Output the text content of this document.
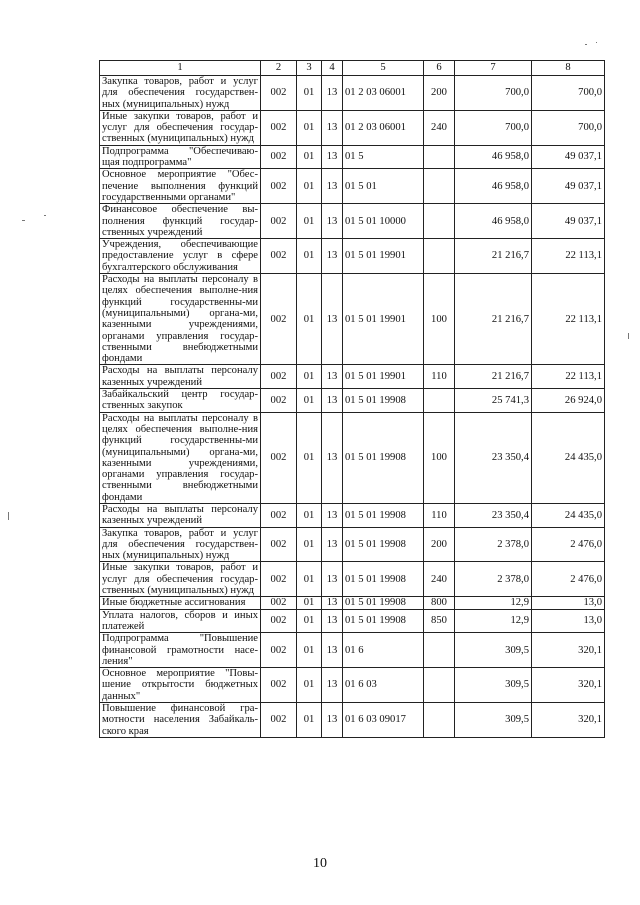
1	2	3	4	5	6	7	8
Закупка товаров, работ и услуг для обеспечения государствен-ных (муниципальных) нужд	002	01	13	01 2 03 06001	200	700,0	700,0
Иные закупки товаров, работ и услуг для обеспечения государ-ственных (муниципальных) нужд	002	01	13	01 2 03 06001	240	700,0	700,0
Подпрограмма "Обеспечиваю-щая подпрограмма"	002	01	13	01 5		46 958,0	49 037,1
Основное мероприятие "Обес-печение выполнения функций государственными органами"	002	01	13	01 5 01		46 958,0	49 037,1
Финансовое обеспечение вы-полнения функций государ-ственных учреждений	002	01	13	01 5 01 10000		46 958,0	49 037,1
Учреждения, обеспечивающие предоставление услуг в сфере бухгалтерского обслуживания	002	01	13	01 5 01 19901		21 216,7	22 113,1
Расходы на выплаты персоналу в целях обеспечения выполне-ния функций государственны-ми (муниципальными) органа-ми, казенными учреждениями, органами управления государ-ственными внебюджетными фондами	002	01	13	01 5 01 19901	100	21 216,7	22 113,1
Расходы на выплаты персоналу казенных учреждений	002	01	13	01 5 01 19901	110	21 216,7	22 113,1
Забайкальский центр государ-ственных закупок	002	01	13	01 5 01 19908		25 741,3	26 924,0
Расходы на выплаты персоналу в целях обеспечения выполне-ния функций государственны-ми (муниципальными) органа-ми, казенными учреждениями, органами управления государ-ственными внебюджетными фондами	002	01	13	01 5 01 19908	100	23 350,4	24 435,0
Расходы на выплаты персоналу казенных учреждений	002	01	13	01 5 01 19908	110	23 350,4	24 435,0
Закупка товаров, работ и услуг для обеспечения государствен-ных (муниципальных) нужд	002	01	13	01 5 01 19908	200	2 378,0	2 476,0
Иные закупки товаров, работ и услуг для обеспечения государ-ственных (муниципальных) нужд	002	01	13	01 5 01 19908	240	2 378,0	2 476,0
Иные бюджетные ассигнования	002	01	13	01 5 01 19908	800	12,9	13,0
Уплата налогов, сборов и иных платежей	002	01	13	01 5 01 19908	850	12,9	13,0
Подпрограмма "Повышение финансовой грамотности насе-ления"	002	01	13	01 6		309,5	320,1
Основное мероприятие "Повы-шение открытости бюджетных данных"	002	01	13	01 6 03		309,5	320,1
Повышение финансовой гра-мотности населения Забайкаль-ского края	002	01	13	01 6 03 09017		309,5	320,1
10
